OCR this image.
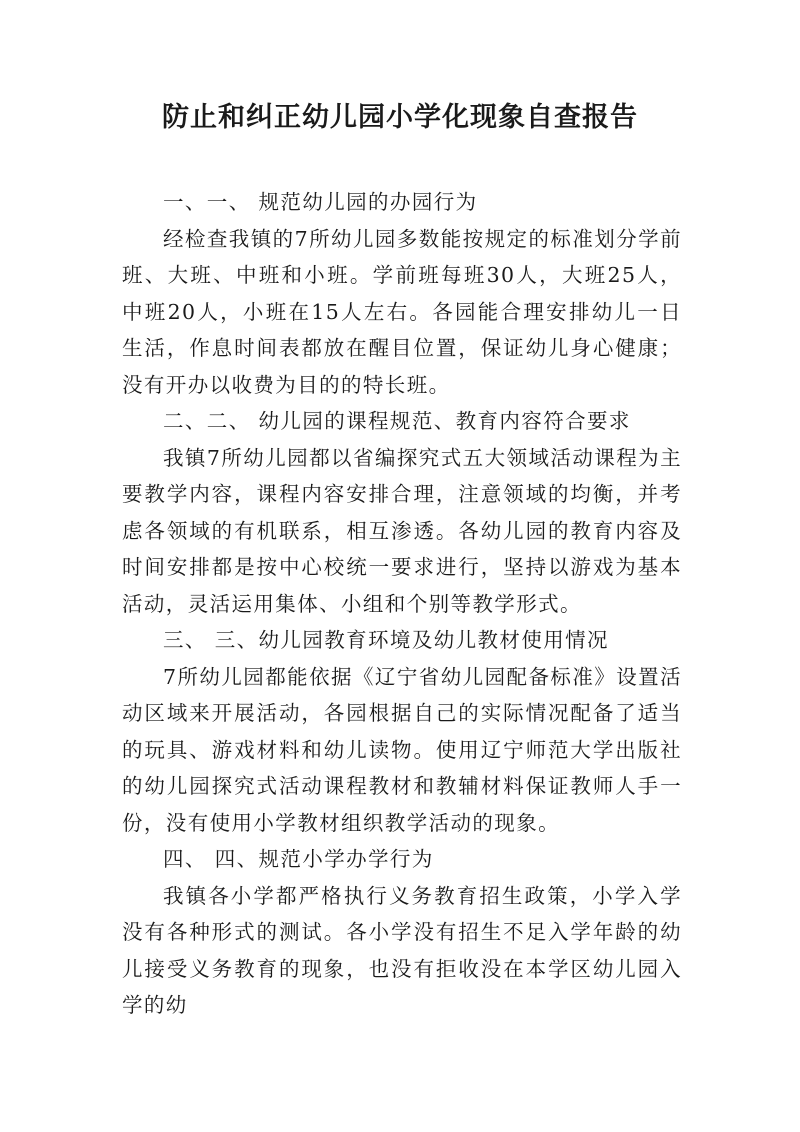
防止和纠正幼儿园小学化现象自查报告

一、一、 规范幼儿园的办园行为

经检查我镇的7所幼儿园多数能按规定的标准划分学前班、大班、中班和小班。学前班每班30人，大班25人，中班20人，小班在15人左右。各园能合理安排幼儿一日生活，作息时间表都放在醒目位置，保证幼儿身心健康；没有开办以收费为目的的特长班。

二、二、 幼儿园的课程规范、教育内容符合要求

我镇7所幼儿园都以省编探究式五大领域活动课程为主要教学内容，课程内容安排合理，注意领域的均衡，并考虑各领域的有机联系，相互渗透。各幼儿园的教育内容及时间安排都是按中心校统一要求进行，坚持以游戏为基本活动，灵活运用集体、小组和个别等教学形式。

三、 三、幼儿园教育环境及幼儿教材使用情况

7所幼儿园都能依据《辽宁省幼儿园配备标准》设置活动区域来开展活动，各园根据自己的实际情况配备了适当的玩具、游戏材料和幼儿读物。使用辽宁师范大学出版社的幼儿园探究式活动课程教材和教辅材料保证教师人手一份，没有使用小学教材组织教学活动的现象。

四、 四、规范小学办学行为

我镇各小学都严格执行义务教育招生政策，小学入学没有各种形式的测试。各小学没有招生不足入学年龄的幼儿接受义务教育的现象，也没有拒收没在本学区幼儿园入学的幼
